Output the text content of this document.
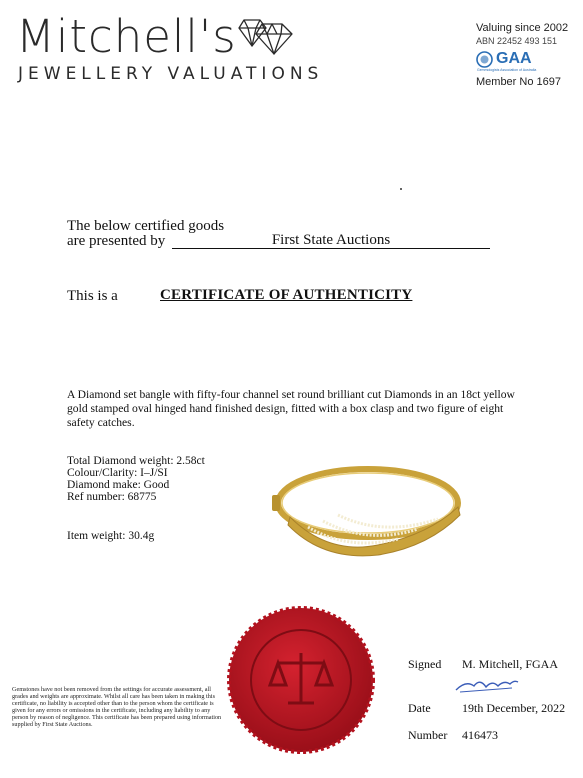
Mitchell's
JEWELLERY VALUATIONS
Valuing since 2002
ABN 22452 493 151
GAA
Gemmologists Association of Australia
Member No 1697
The below certified goods
are presented by	First State Auctions
This is a	CERTIFICATE OF AUTHENTICITY
A Diamond set bangle with fifty-four channel set round brilliant cut Diamonds in an 18ct yellow gold stamped oval hinged hand finished design, fitted with a box clasp and two figure of eight safety catches.
Total Diamond weight: 2.58ct
Colour/Clarity: I–J/SI
Diamond make: Good
Ref number: 68775
Item weight: 30.4g
Gemstones have not been removed from the settings for accurate assessment, all grades and weights are approximate. Whilst all care has been taken in making this certificate, no liability is accepted other than to the person whom the certificate is given for any errors or omissions in the certificate, including any liability to any person by reason of negligence. This certificate has been prepared using information supplied by First State Auctions.
Signed M. Mitchell, FGAA
Date	19th December, 2022
Number 416473
